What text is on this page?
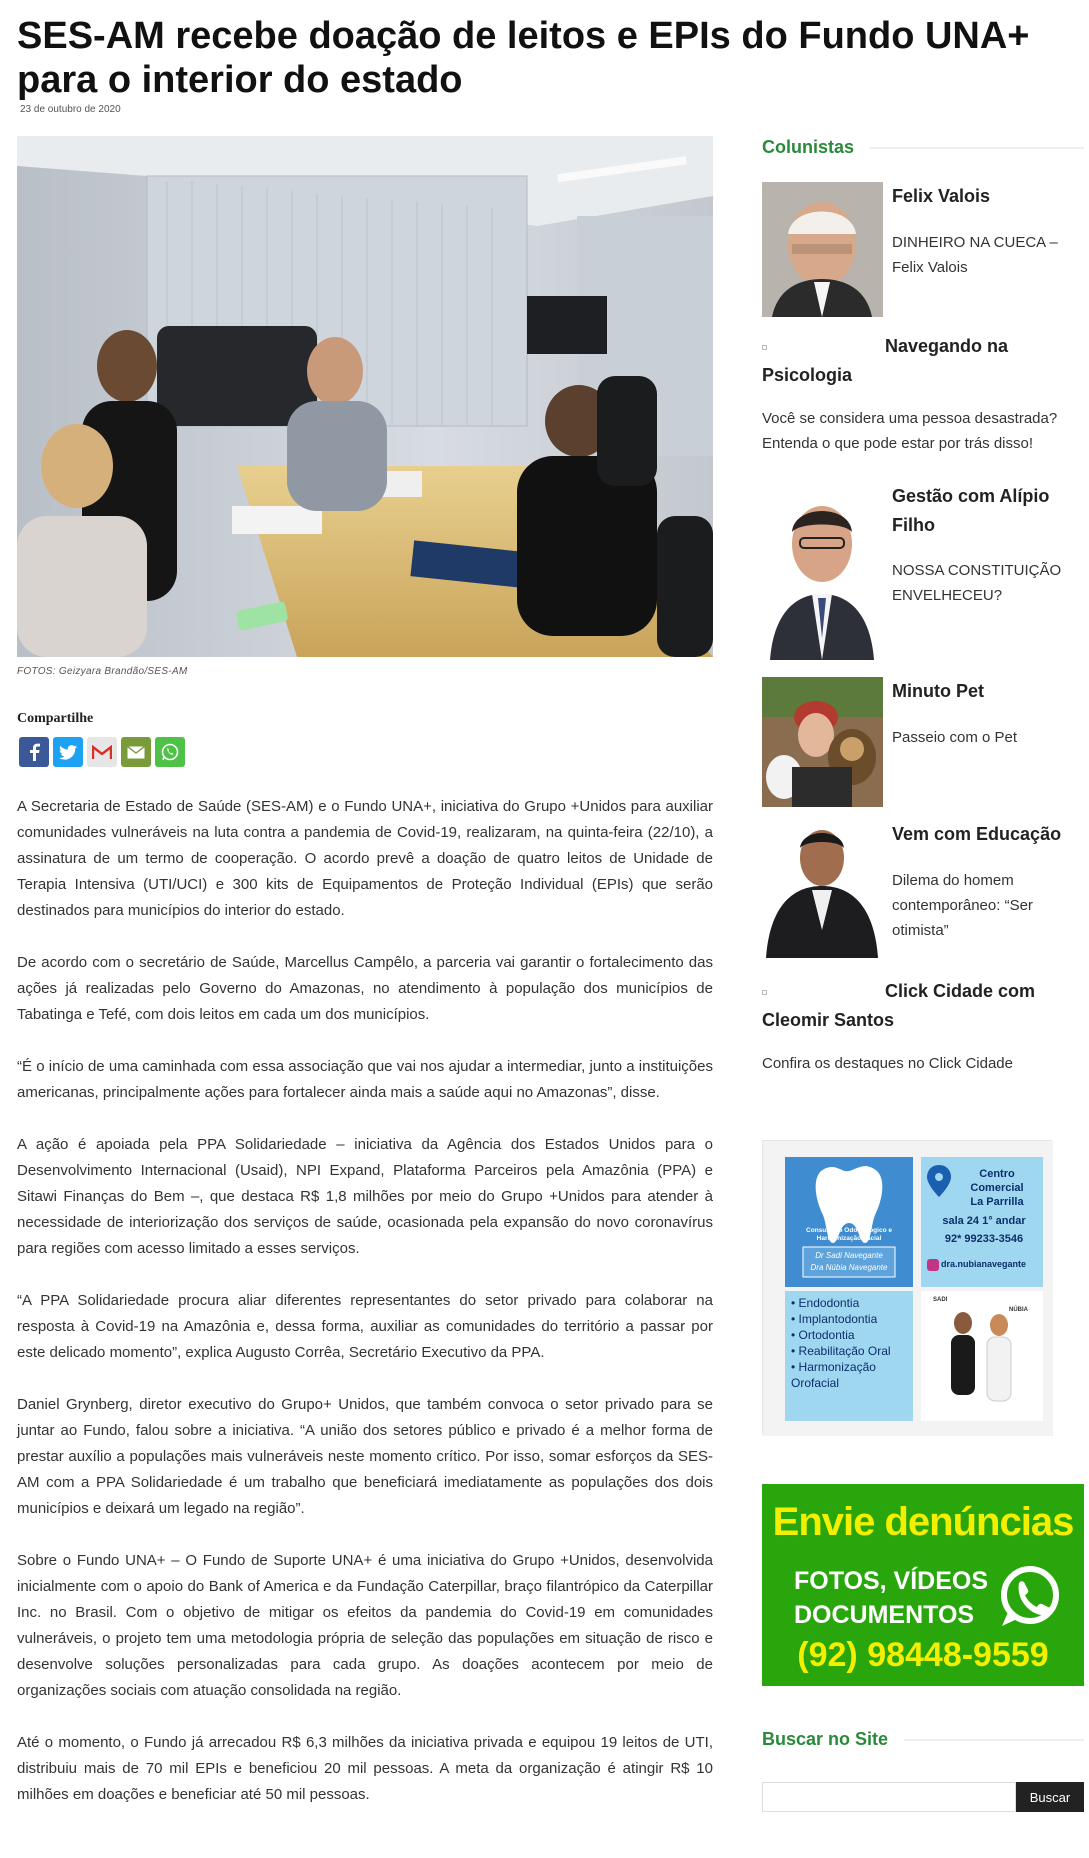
SES-AM recebe doação de leitos e EPIs do Fundo UNA+ para o interior do estado
23 de outubro de 2020
FOTOS: Geizyara Brandão/SES-AM
Compartilhe

A Secretaria de Estado de Saúde (SES-AM) e o Fundo UNA+, iniciativa do Grupo +Unidos para auxiliar comunidades vulneráveis na luta contra a pandemia de Covid-19, realizaram, na quinta-feira (22/10), a assinatura de um termo de cooperação. O acordo prevê a doação de quatro leitos de Unidade de Terapia Intensiva (UTI/UCI) e 300 kits de Equipamentos de Proteção Individual (EPIs) que serão destinados para municípios do interior do estado.

De acordo com o secretário de Saúde, Marcellus Campêlo, a parceria vai garantir o fortalecimento das ações já realizadas pelo Governo do Amazonas, no atendimento à população dos municípios de Tabatinga e Tefé, com dois leitos em cada um dos municípios.

“É o início de uma caminhada com essa associação que vai nos ajudar a intermediar, junto a instituições americanas, principalmente ações para fortalecer ainda mais a saúde aqui no Amazonas”, disse.

A ação é apoiada pela PPA Solidariedade – iniciativa da Agência dos Estados Unidos para o Desenvolvimento Internacional (Usaid), NPI Expand, Plataforma Parceiros pela Amazônia (PPA) e Sitawi Finanças do Bem –, que destaca R$ 1,8 milhões por meio do Grupo +Unidos para atender à necessidade de interiorização dos serviços de saúde, ocasionada pela expansão do novo coronavírus para regiões com acesso limitado a esses serviços.

“A PPA Solidariedade procura aliar diferentes representantes do setor privado para colaborar na resposta à Covid-19 na Amazônia e, dessa forma, auxiliar as comunidades do território a passar por este delicado momento”, explica Augusto Corrêa, Secretário Executivo da PPA.

Daniel Grynberg, diretor executivo do Grupo+ Unidos, que também convoca o setor privado para se juntar ao Fundo, falou sobre a iniciativa. “A união dos setores público e privado é a melhor forma de prestar auxílio a populações mais vulneráveis neste momento crítico. Por isso, somar esforços da SES-AM com a PPA Solidariedade é um trabalho que beneficiará imediatamente as populações dos dois municípios e deixará um legado na região”.

Sobre o Fundo UNA+ – O Fundo de Suporte UNA+ é uma iniciativa do Grupo +Unidos, desenvolvida inicialmente com o apoio do Bank of America e da Fundação Caterpillar, braço filantrópico da Caterpillar Inc. no Brasil. Com o objetivo de mitigar os efeitos da pandemia do Covid-19 em comunidades vulneráveis, o projeto tem uma metodologia própria de seleção das populações em situação de risco e desenvolve soluções personalizadas para cada grupo. As doações acontecem por meio de organizações sociais com atuação consolidada na região.

Até o momento, o Fundo já arrecadou R$ 6,3 milhões da iniciativa privada e equipou 19 leitos de UTI, distribuiu mais de 70 mil EPIs e beneficiou 20 mil pessoas. A meta da organização é atingir R$ 10 milhões em doações e beneficiar até 50 mil pessoas.

Colunistas
Felix Valois
DINHEIRO NA CUECA – Felix Valois
Navegando na Psicologia
Você se considera uma pessoa desastrada? Entenda o que pode estar por trás disso!
Gestão com Alípio Filho
NOSSA CONSTITUIÇÃO ENVELHECEU?
Minuto Pet
Passeio com o Pet
Vem com Educação
Dilema do homem contemporâneo: “Ser otimista”
Click Cidade com Cleomir Santos
Confira os destaques no Click Cidade
Consultório Odontológico e Harmonização Facial
Dr Sadi Navegante
Dra Núbia Navegante
Centro
Comercial
La Parrilla
sala 24 1° andar
92* 99233-3546
dra.nubianavegante
• Endodontia
• Implantodontia
• Ortodontia
• Reabilitação Oral
• Harmonização Orofacial
SADI
NÚBIA
Envie denúncias
FOTOS, VÍDEOS
DOCUMENTOS
(92) 98448-9559
Buscar no Site
Buscar
